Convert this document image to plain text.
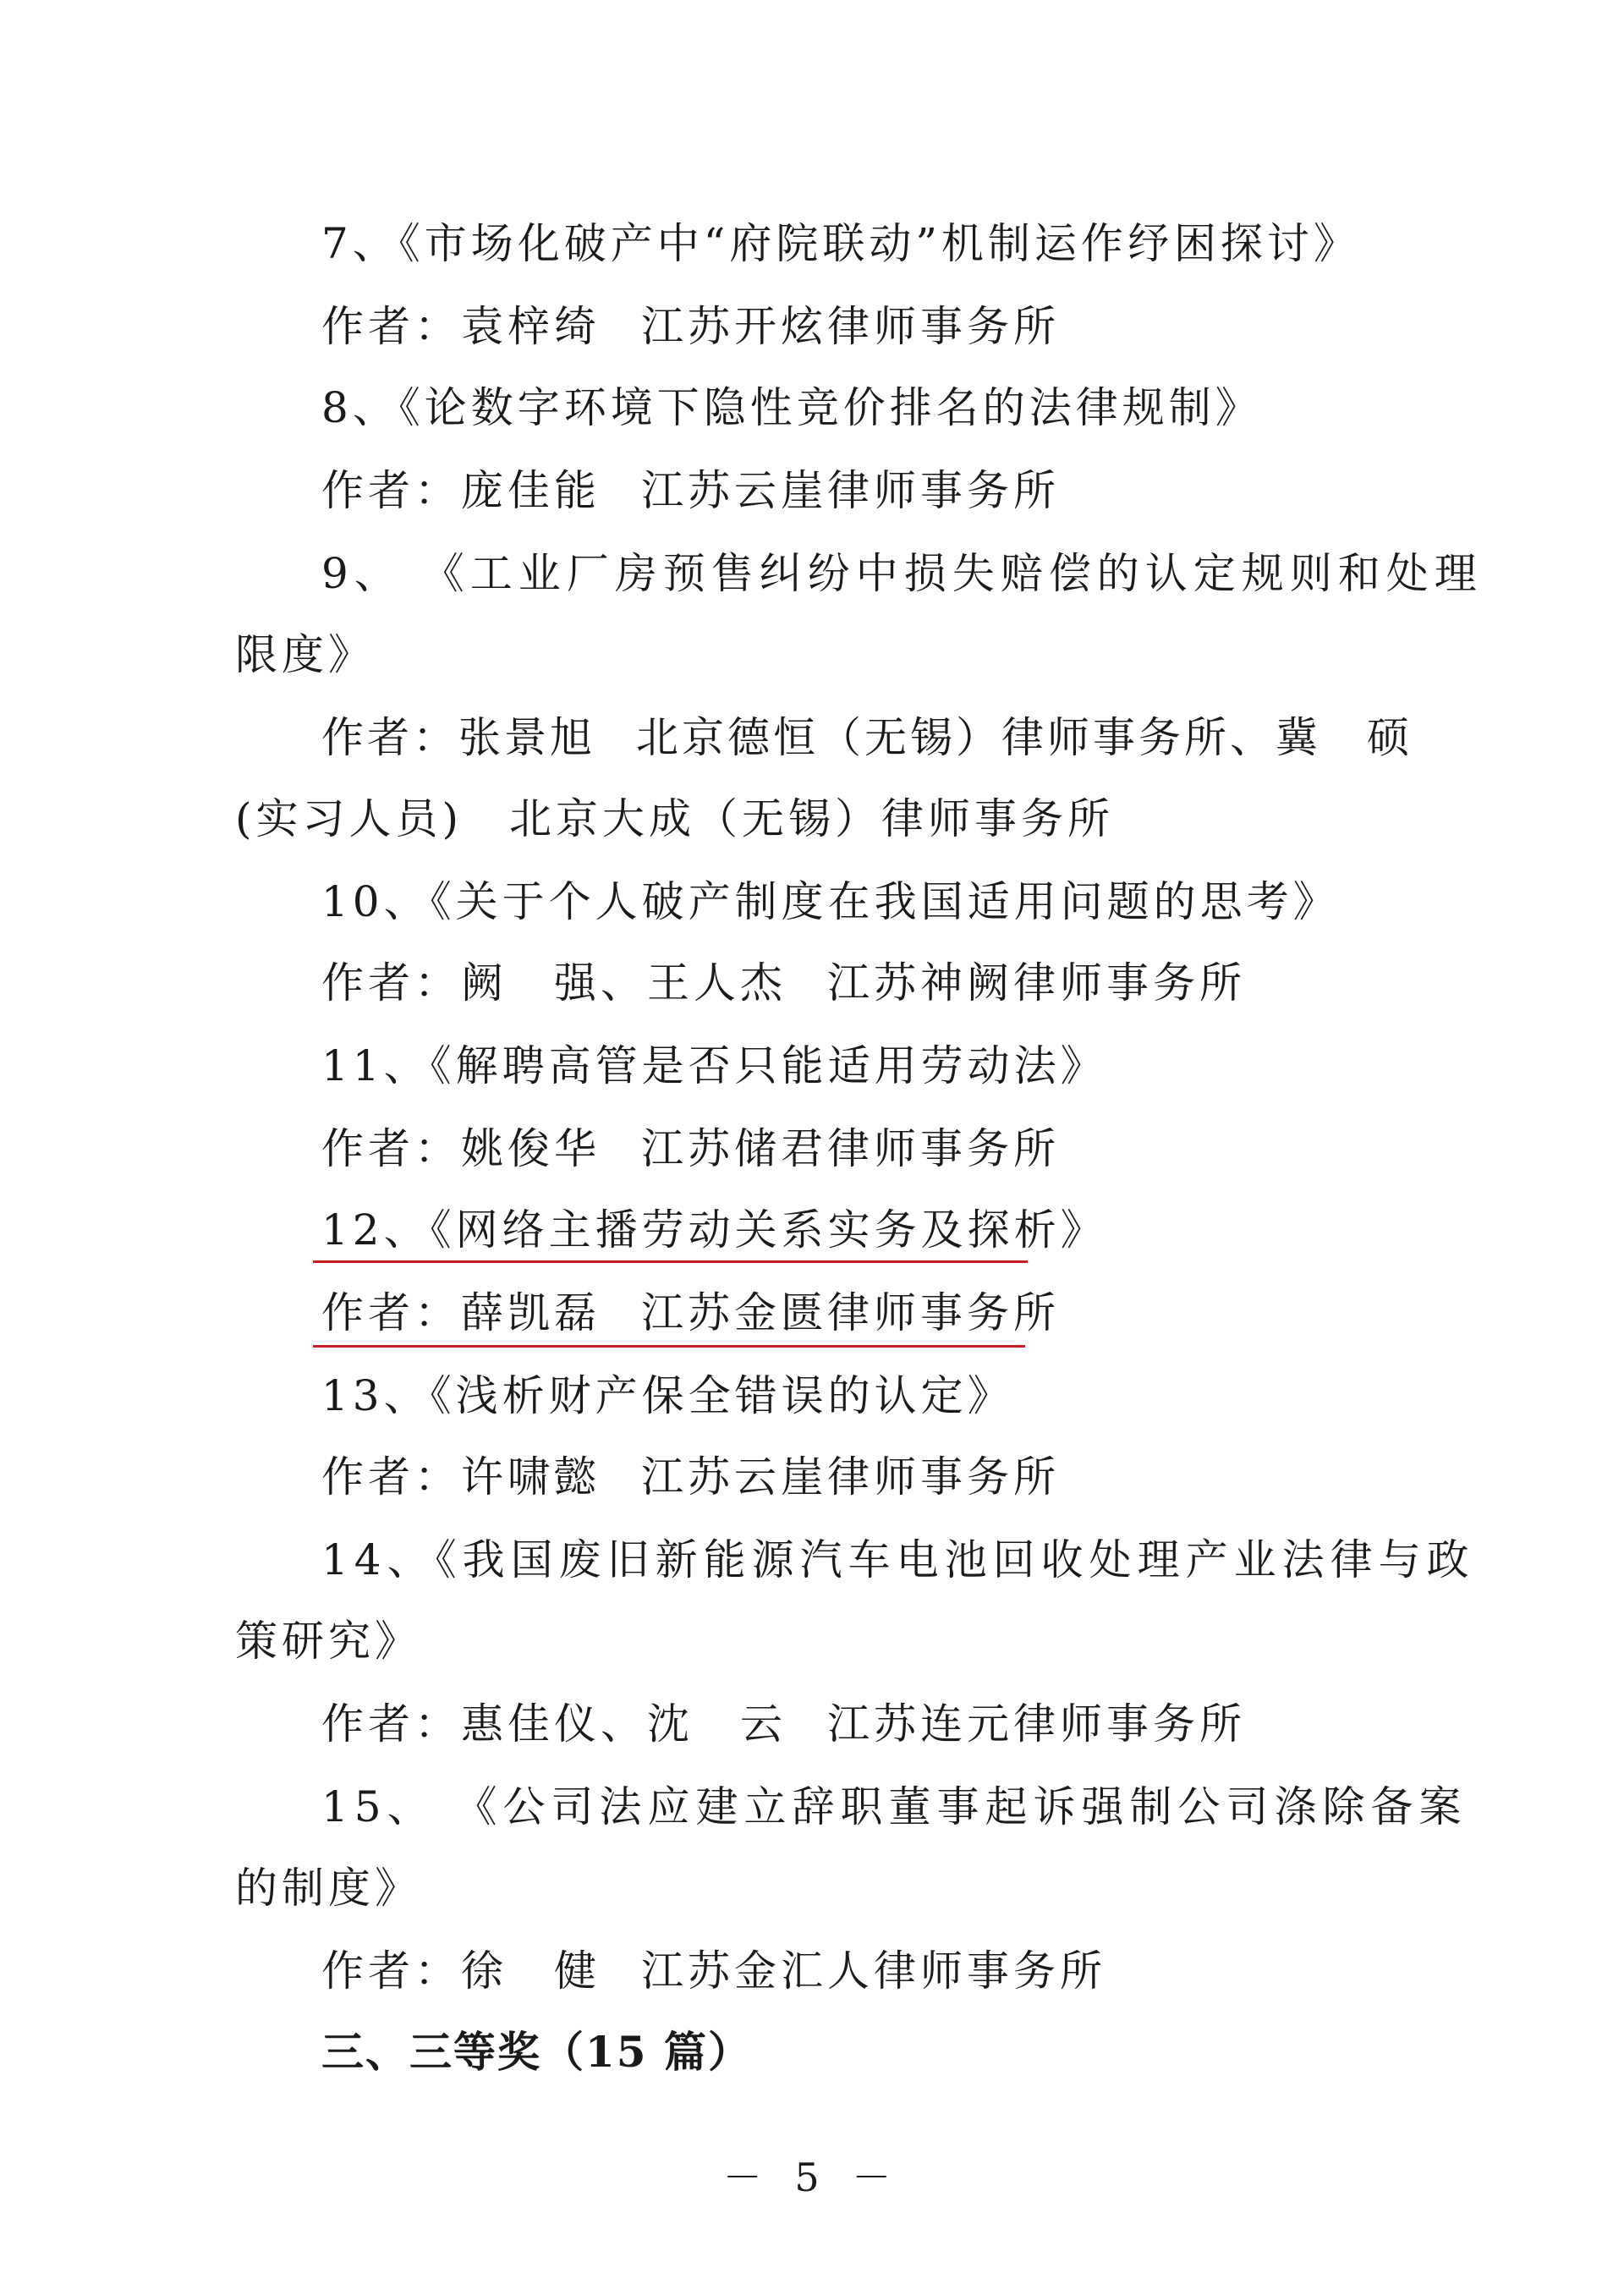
7、《市场化破产中“府院联动”机制运作纾困探讨》
作者：袁梓绮 江苏开炫律师事务所
8、《论数字环境下隐性竞价排名的法律规制》
作者：庞佳能 江苏云崖律师事务所
9、 《工业厂房预售纠纷中损失赔偿的认定规则和处理
限度》
作者：张景旭 北京德恒（无锡）律师事务所、冀　硕
(实习人员)　北京大成（无锡）律师事务所
10、《关于个人破产制度在我国适用问题的思考》
作者：阙　强、王人杰 江苏神阙律师事务所
11、《解聘高管是否只能适用劳动法》
作者：姚俊华 江苏储君律师事务所
12、《网络主播劳动关系实务及探析》
作者：薛凯磊 江苏金匮律师事务所
13、《浅析财产保全错误的认定》
作者：许啸懿 江苏云崖律师事务所
14、《我国废旧新能源汽车电池回收处理产业法律与政
策研究》
作者：惠佳仪、沈　云 江苏连元律师事务所
15、 《公司法应建立辞职董事起诉强制公司涤除备案
的制度》
作者：徐　健 江苏金汇人律师事务所
三、三等奖（15 篇）
－ 5 －
